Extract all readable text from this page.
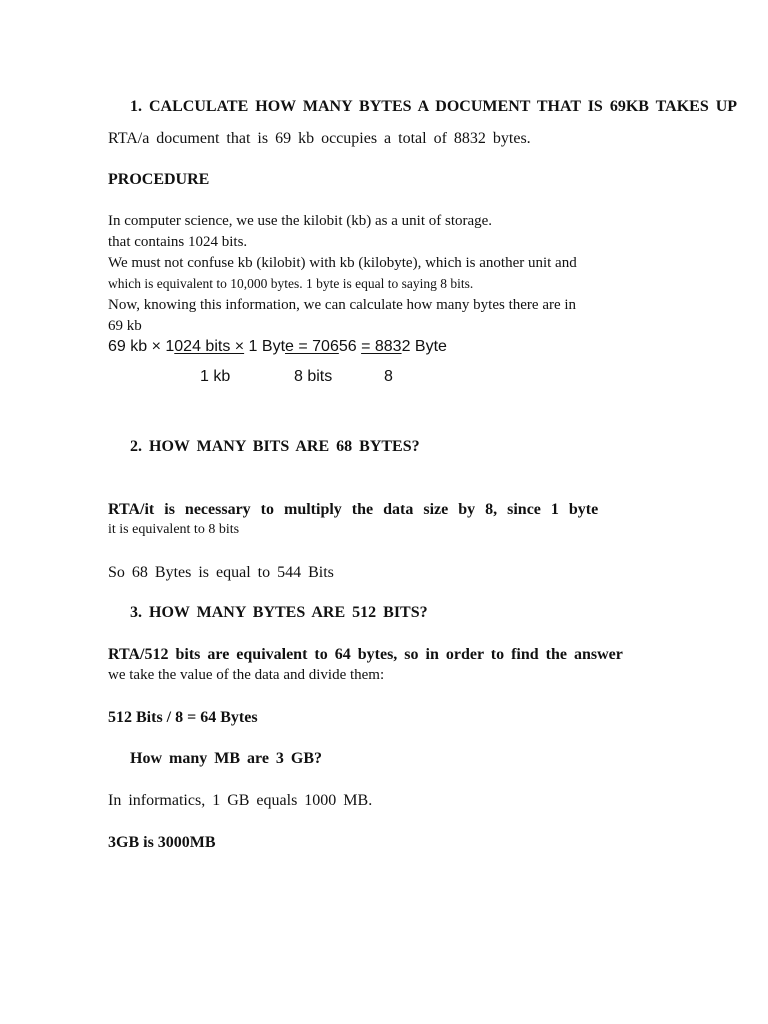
1. CALCULATE HOW MANY BYTES A DOCUMENT THAT IS 69KB TAKES UP
RTA/a document that is 69 kb occupies a total of 8832 bytes.
PROCEDURE
In computer science, we use the kilobit (kb) as a unit of storage.
that contains 1024 bits.
We must not confuse kb (kilobit) with kb (kilobyte), which is another unit and
which is equivalent to 10,000 bytes. 1 byte is equal to saying 8 bits.
Now, knowing this information, we can calculate how many bytes there are in
69 kb
69 kb × 1024 bits × 1 Byte = 70656 = 8832 Byte
1 kb	8 bits	8
2. HOW MANY BITS ARE 68 BYTES?
RTA/it is necessary to multiply the data size by 8, since 1 byte
it is equivalent to 8 bits
So 68 Bytes is equal to 544 Bits
3. HOW MANY BYTES ARE 512 BITS?
RTA/512 bits are equivalent to 64 bytes, so in order to find the answer
we take the value of the data and divide them:
512 Bits / 8 = 64 Bytes
How many MB are 3 GB?
In informatics, 1 GB equals 1000 MB.
3GB is 3000MB
